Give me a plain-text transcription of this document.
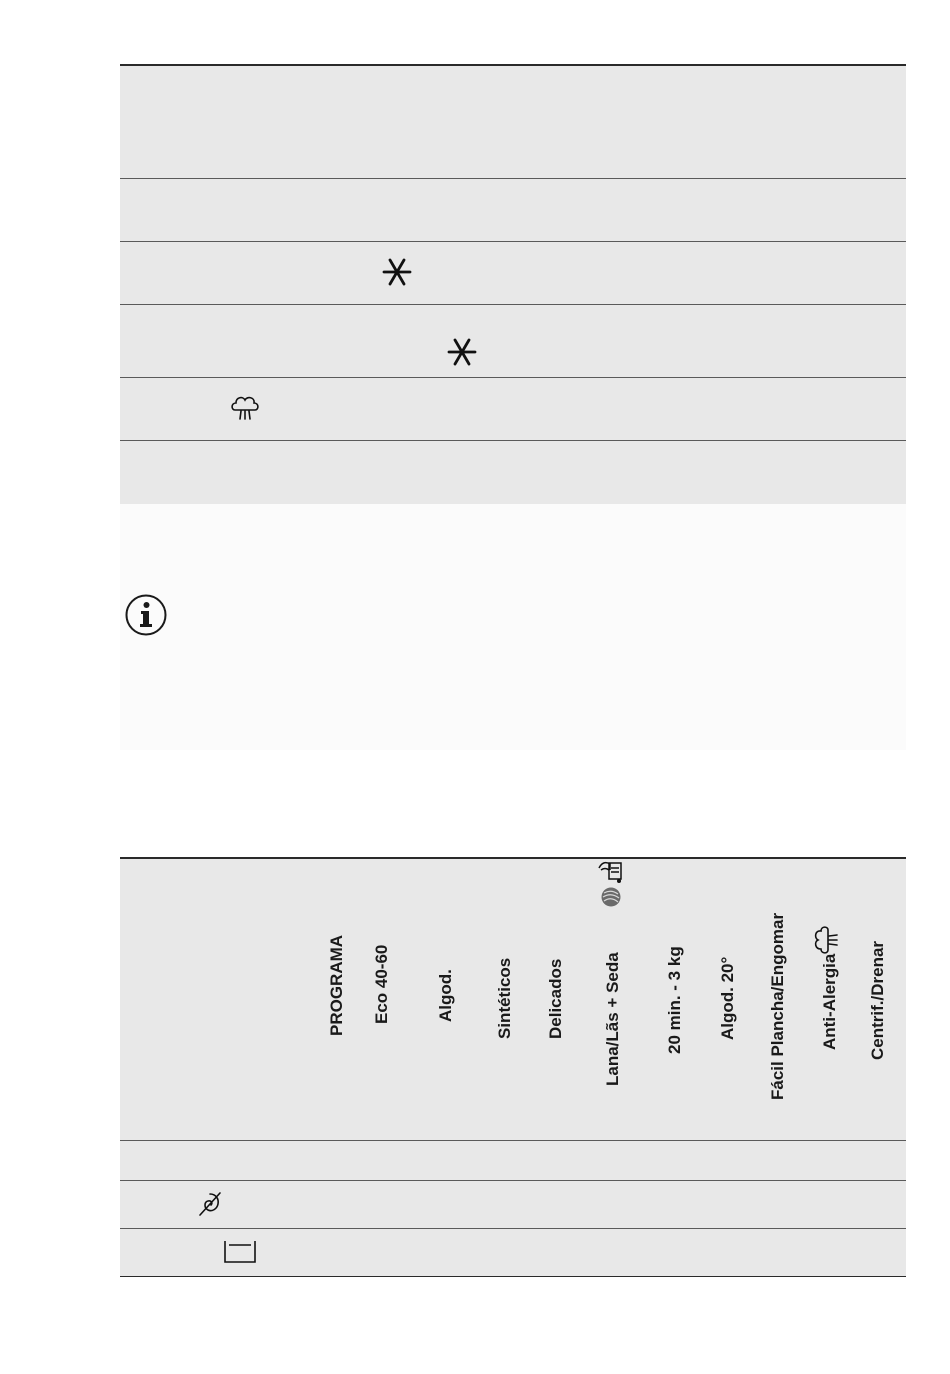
PROGRAMA Eco 40-60	Algod. Sintéticos Delicados Lana/Lãs + Seda	20 min. - 3 kg Algod. 20° Fácil Plancha/Engomar Anti-Alergia Centrif./Drenar
